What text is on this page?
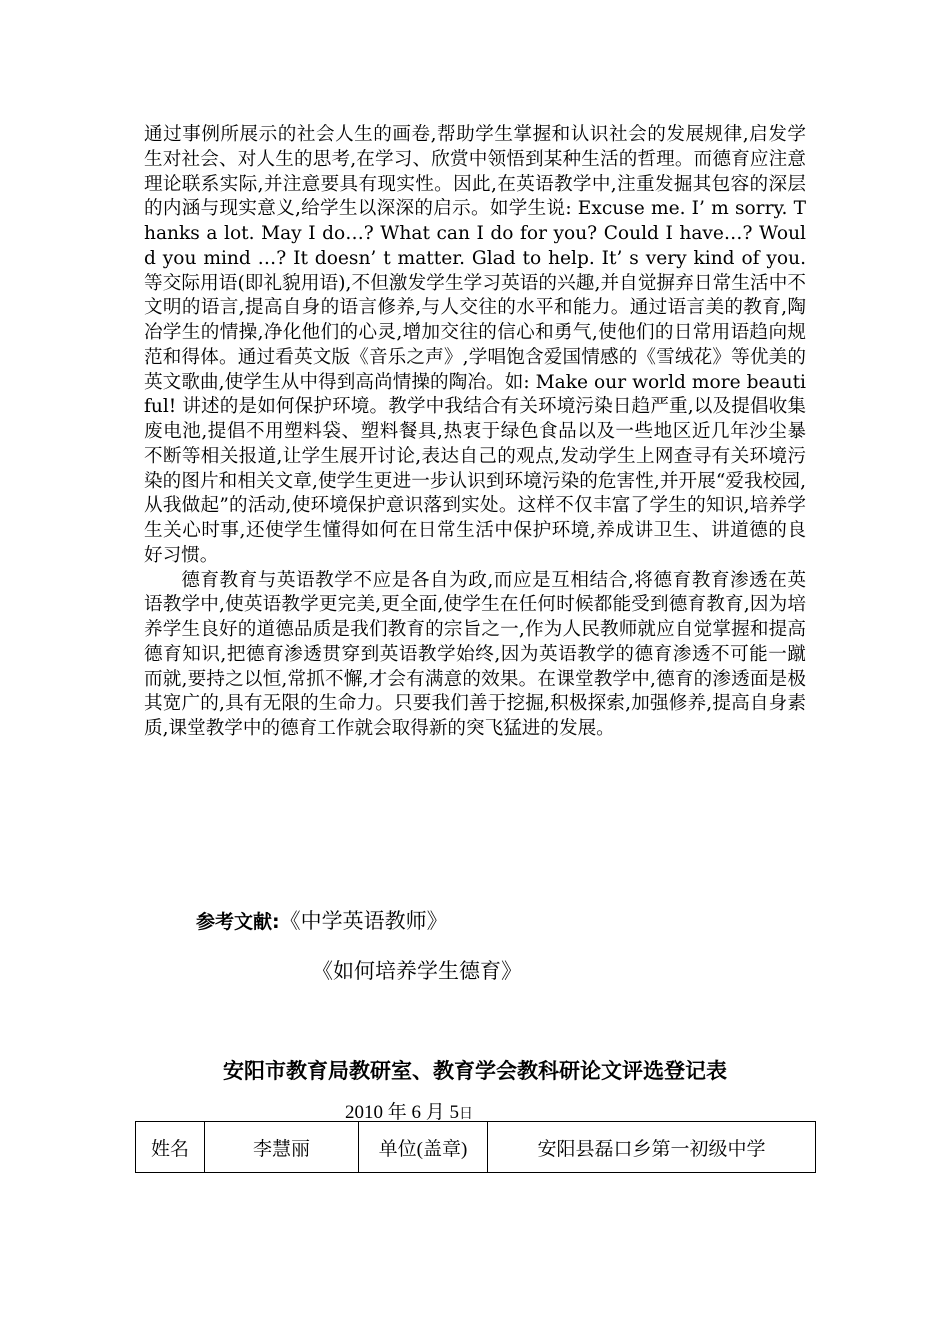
通过事例所展示的社会人生的画卷,帮助学生掌握和认识社会的发展规律,启发学生对社会、对人生的思考,在学习、欣赏中领悟到某种生活的哲理。而德育应注意理论联系实际,并注意要具有现实性。因此,在英语教学中,注重发掘其包容的深层的内涵与现实意义,给学生以深深的启示。如学生说: Excuse me. I’ m sorry. Thanks a lot. May I do…? What can I do for you? Could I have…? Would you mind …? It doesn’ t matter. Glad to help. It’ s very kind of you.等交际用语(即礼貌用语),不但激发学生学习英语的兴趣,并自觉摒弃日常生活中不文明的语言,提高自身的语言修养,与人交往的水平和能力。通过语言美的教育,陶冶学生的情操,净化他们的心灵,增加交往的信心和勇气,使他们的日常用语趋向规范和得体。通过看英文版《音乐之声》,学唱饱含爱国情感的《雪绒花》等优美的英文歌曲,使学生从中得到高尚情操的陶冶。如: Make our world more beautiful! 讲述的是如何保护环境。教学中我结合有关环境污染日趋严重,以及提倡收集废电池,提倡不用塑料袋、塑料餐具,热衷于绿色食品以及一些地区近几年沙尘暴不断等相关报道,让学生展开讨论,表达自己的观点,发动学生上网查寻有关环境污染的图片和相关文章,使学生更进一步认识到环境污染的危害性,并开展“爱我校园,从我做起”的活动,使环境保护意识落到实处。这样不仅丰富了学生的知识,培养学生关心时事,还使学生懂得如何在日常生活中保护环境,养成讲卫生、讲道德的良好习惯。

德育教育与英语教学不应是各自为政,而应是互相结合,将德育教育渗透在英语教学中,使英语教学更完美,更全面,使学生在任何时候都能受到德育教育,因为培养学生良好的道德品质是我们教育的宗旨之一,作为人民教师就应自觉掌握和提高德育知识,把德育渗透贯穿到英语教学始终,因为英语教学的德育渗透不可能一蹴而就,要持之以恒,常抓不懈,才会有满意的效果。在课堂教学中,德育的渗透面是极其宽广的,具有无限的生命力。只要我们善于挖掘,积极探索,加强修养,提高自身素质,课堂教学中的德育工作就会取得新的突飞猛进的发展。

参考文献:《中学英语教师》
《如何培养学生德育》
安阳市教育局教研室、教育学会教科研论文评选登记表
2010 年 6 月 5日
姓名	李慧丽	单位(盖章)	安阳县磊口乡第一初级中学
